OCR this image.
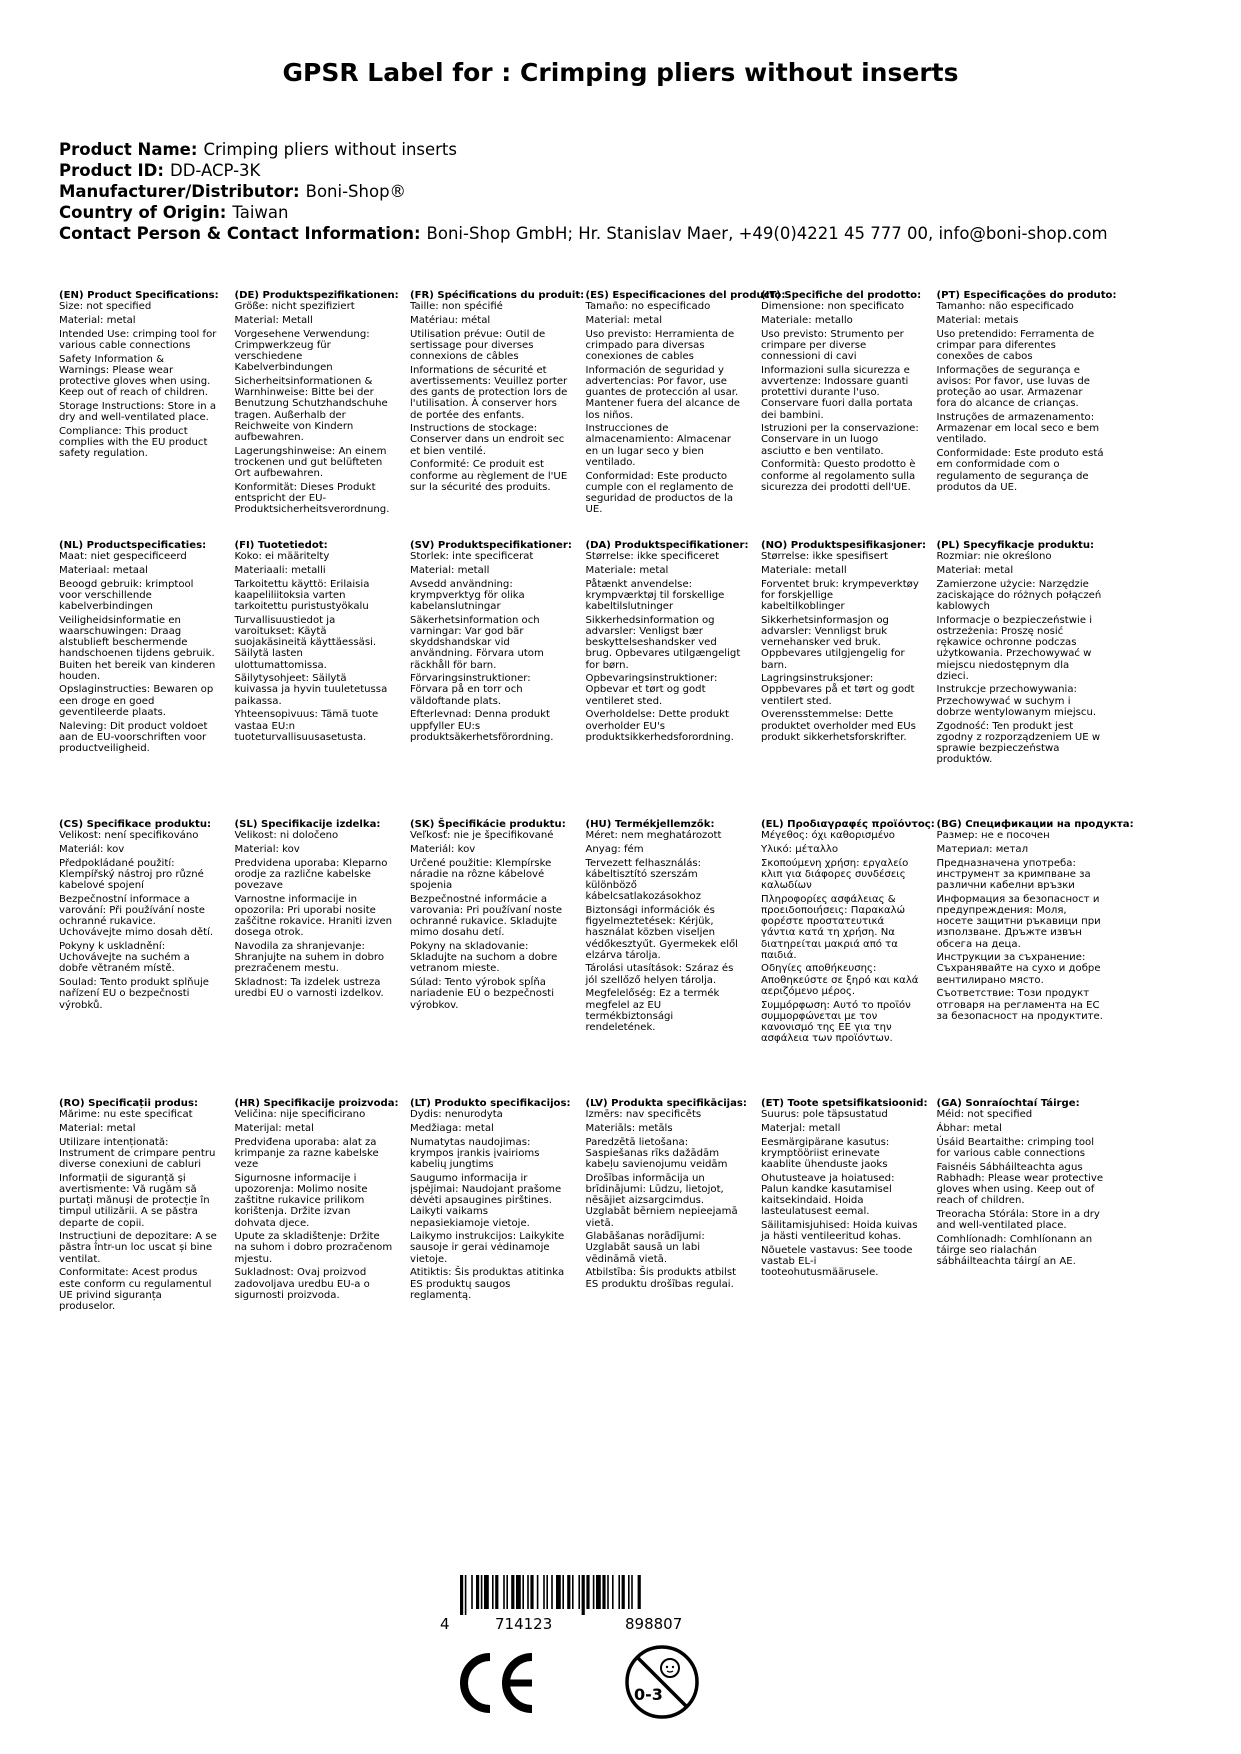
GPSR Label for : Crimping pliers without inserts
Product Name: Crimping pliers without inserts
Product ID: DD-ACP-3K
Manufacturer/Distributor: Boni-Shop®
Country of Origin: Taiwan
Contact Person & Contact Information: Boni-Shop GmbH; Hr. Stanislav Maer, +49(0)4221 45 777 00, info@boni-shop.com
(EN) Product Specifications:
Size: not specified
Material: metal
Intended Use: crimping tool for various cable connections
Safety Information & Warnings: Please wear protective gloves when using. Keep out of reach of children.
Storage Instructions: Store in a dry and well-ventilated place.
Compliance: This product complies with the EU product safety regulation.
(DE) Produktspezifikationen:
Größe: nicht spezifiziert
Material: Metall
Vorgesehene Verwendung: Crimpwerkzeug für verschiedene Kabelverbindungen
Sicherheitsinformationen & Warnhinweise: Bitte bei der Benutzung Schutzhandschuhe tragen. Außerhalb der Reichweite von Kindern aufbewahren.
Lagerungshinweise: An einem trockenen und gut belüfteten Ort aufbewahren.
Konformität: Dieses Produkt entspricht der EU-Produktsicherheitsverordnung.
(FR) Spécifications du produit:
Taille: non spécifié
Matériau: métal
Utilisation prévue: Outil de sertissage pour diverses connexions de câbles
Informations de sécurité et avertissements: Veuillez porter des gants de protection lors de l'utilisation. À conserver hors de portée des enfants.
Instructions de stockage: Conserver dans un endroit sec et bien ventilé.
Conformité: Ce produit est conforme au règlement de l'UE sur la sécurité des produits.
(ES) Especificaciones del producto:
Tamaño: no especificado
Material: metal
Uso previsto: Herramienta de crimpado para diversas conexiones de cables
Información de seguridad y advertencias: Por favor, use guantes de protección al usar. Mantener fuera del alcance de los niños.
Instrucciones de almacenamiento: Almacenar en un lugar seco y bien ventilado.
Conformidad: Este producto cumple con el reglamento de seguridad de productos de la UE.
(IT) Specifiche del prodotto:
Dimensione: non specificato
Materiale: metallo
Uso previsto: Strumento per crimpare per diverse connessioni di cavi
Informazioni sulla sicurezza e avvertenze: Indossare guanti protettivi durante l'uso. Conservare fuori dalla portata dei bambini.
Istruzioni per la conservazione: Conservare in un luogo asciutto e ben ventilato.
Conformità: Questo prodotto è conforme al regolamento sulla sicurezza dei prodotti dell'UE.
(PT) Especificações do produto:
Tamanho: não especificado
Material: metais
Uso pretendido: Ferramenta de crimpar para diferentes conexões de cabos
Informações de segurança e avisos: Por favor, use luvas de proteção ao usar. Armazenar fora do alcance de crianças.
Instruções de armazenamento: Armazenar em local seco e bem ventilado.
Conformidade: Este produto está em conformidade com o regulamento de segurança de produtos da UE.
(NL) Productspecificaties:
Maat: niet gespecificeerd
Materiaal: metaal
Beoogd gebruik: krimptool voor verschillende kabelverbindingen
Veiligheidsinformatie en waarschuwingen: Draag alstublieft beschermende handschoenen tijdens gebruik. Buiten het bereik van kinderen houden.
Opslaginstructies: Bewaren op een droge en goed geventileerde plaats.
Naleving: Dit product voldoet aan de EU-voorschriften voor productveiligheid.
(FI) Tuotetiedot:
Koko: ei määritelty
Materiaali: metalli
Tarkoitettu käyttö: Erilaisia kaapeliliitoksia varten tarkoitettu puristustyökalu
Turvallisuustiedot ja varoitukset: Käytä suojakäsineitä käyttäessäsi. Säilytä lasten ulottumattomissa.
Säilytysohjeet: Säilytä kuivassa ja hyvin tuuletetussa paikassa.
Yhteensopivuus: Tämä tuote vastaa EU:n tuoteturvallisuusasetusta.
(SV) Produktspecifikationer:
Storlek: inte specificerat
Material: metall
Avsedd användning: krympverktyg för olika kabelanslutningar
Säkerhetsinformation och varningar: Var god bär skyddshandskar vid användning. Förvara utom räckhåll för barn.
Förvaringsinstruktioner: Förvara på en torr och väldoftande plats.
Efterlevnad: Denna produkt uppfyller EU:s produktsäkerhetsförordning.
(DA) Produktspecifikationer:
Størrelse: ikke specificeret
Materiale: metal
Påtænkt anvendelse: krympværktøj til forskellige kabeltilslutninger
Sikkerhedsinformation og advarsler: Venligst bær beskyttelseshandsker ved brug. Opbevares utilgængeligt for børn.
Opbevaringsinstruktioner: Opbevar et tørt og godt ventileret sted.
Overholdelse: Dette produkt overholder EU's produktsikkerhedsforordning.
(NO) Produktspesifikasjoner:
Størrelse: ikke spesifisert
Materiale: metall
Forventet bruk: krympeverktøy for forskjellige kabeltilkoblinger
Sikkerhetsinformasjon og advarsler: Vennligst bruk vernehansker ved bruk. Oppbevares utilgjengelig for barn.
Lagringsinstruksjoner: Oppbevares på et tørt og godt ventilert sted.
Overensstemmelse: Dette produktet overholder med EUs produkt sikkerhetsforskrifter.
(PL) Specyfikacje produktu:
Rozmiar: nie określono
Materiał: metal
Zamierzone użycie: Narzędzie zaciskające do różnych połączeń kablowych
Informacje o bezpieczeństwie i ostrzeżenia: Proszę nosić rękawice ochronne podczas użytkowania. Przechowywać w miejscu niedostępnym dla dzieci.
Instrukcje przechowywania: Przechowywać w suchym i dobrze wentylowanym miejscu.
Zgodność: Ten produkt jest zgodny z rozporządzeniem UE w sprawie bezpieczeństwa produktów.
(CS) Specifikace produktu:
Velikost: není specifikováno
Materiál: kov
Předpokládané použití: Klempířský nástroj pro různé kabelové spojení
Bezpečnostní informace a varování: Při používání noste ochranné rukavice. Uchovávejte mimo dosah dětí.
Pokyny k uskladnění: Uchovávejte na suchém a dobře větraném místě.
Soulad: Tento produkt splňuje nařízení EU o bezpečnosti výrobků.
(SL) Specifikacije izdelka:
Velikost: ni določeno
Material: kov
Predvidena uporaba: Kleparno orodje za različne kabelske povezave
Varnostne informacije in opozorila: Pri uporabi nosite zaščitne rokavice. Hraniti izven dosega otrok.
Navodila za shranjevanje: Shranjujte na suhem in dobro prezračenem mestu.
Skladnost: Ta izdelek ustreza uredbi EU o varnosti izdelkov.
(SK) Špecifikácie produktu:
Veľkosť: nie je špecifikované
Materiál: kov
Určené použitie: Klempírske náradie na rôzne kábelové spojenia
Bezpečnostné informácie a varovania: Pri používaní noste ochranné rukavice. Skladujte mimo dosahu detí.
Pokyny na skladovanie: Skladujte na suchom a dobre vetranom mieste.
Súlad: Tento výrobok spĺňa nariadenie EÚ o bezpečnosti výrobkov.
(HU) Termékjellemzők:
Méret: nem meghatározott
Anyag: fém
Tervezett felhasználás: kábeltisztító szerszám különböző kábelcsatlakozásokhoz
Biztonsági információk és figyelmeztetések: Kérjük, használat közben viseljen védőkesztyűt. Gyermekek elől elzárva tárolja.
Tárolási utasítások: Száraz és jól szellőző helyen tárolja.
Megfelelőség: Ez a termék megfelel az EU termékbiztonsági rendeletének.
(EL) Προδιαγραφές προϊόντος:
Μέγεθος: όχι καθορισμένο
Υλικό: μέταλλο
Σκοπούμενη χρήση: εργαλείο κλιπ για διάφορες συνδέσεις καλωδίων
Πληροφορίες ασφάλειας & προειδοποιήσεις: Παρακαλώ φορέστε προστατευτικά γάντια κατά τη χρήση. Να διατηρείται μακριά από τα παιδιά.
Οδηγίες αποθήκευσης: Αποθηκεύστε σε ξηρό και καλά αεριζόμενο μέρος.
Συμμόρφωση: Αυτό το προϊόν συμμορφώνεται με τον κανονισμό της ΕΕ για την ασφάλεια των προϊόντων.
(BG) Спецификации на продукта:
Размер: не е посочен
Материал: метал
Предназначена употреба: инструмент за кримпване за различни кабелни връзки
Информация за безопасност и предупреждения: Моля, носете защитни ръкавици при използване. Дръжте извън обсега на деца.
Инструкции за съхранение: Съхранявайте на сухо и добре вентилирано място.
Съответствие: Този продукт отговаря на регламента на ЕС за безопасност на продуктите.
(RO) Specificații produs:
Mărime: nu este specificat
Material: metal
Utilizare intenționată: Instrument de crimpare pentru diverse conexiuni de cabluri
Informații de siguranță și avertismente: Vă rugăm să purtați mănuși de protecție în timpul utilizării. A se păstra departe de copii.
Instrucțiuni de depozitare: A se păstra într-un loc uscat și bine ventilat.
Conformitate: Acest produs este conform cu regulamentul UE privind siguranța produselor.
(HR) Specifikacije proizvoda:
Veličina: nije specificirano
Materijal: metal
Predviđena uporaba: alat za krimpanje za razne kabelske veze
Sigurnosne informacije i upozorenja: Molimo nosite zaštitne rukavice prilikom korištenja. Držite izvan dohvata djece.
Upute za skladištenje: Držite na suhom i dobro prozračenom mjestu.
Sukladnost: Ovaj proizvod zadovoljava uredbu EU-a o sigurnosti proizvoda.
(LT) Produkto specifikacijos:
Dydis: nenurodyta
Medžiaga: metal
Numatytas naudojimas: krympos įrankis įvairioms kabelių jungtims
Saugumo informacija ir įspėjimai: Naudojant prašome dėvėti apsaugines pirštines. Laikyti vaikams nepasiekiamoje vietoje.
Laikymo instrukcijos: Laikykite sausoje ir gerai vėdinamoje vietoje.
Atitiktis: Šis produktas atitinka ES produktų saugos reglamentą.
(LV) Produkta specifikācijas:
Izmērs: nav specificēts
Materiāls: metāls
Paredzētā lietošana: Saspiešanas rīks dažādām kabeļu savienojumu veidām
Drošības informācija un brīdinājumi: Lūdzu, lietojot, nēsājiet aizsargcimdus. Uzglabāt bērniem nepieejamā vietā.
Glabāšanas norādījumi: Uzglabāt sausā un labi vēdināmā vietā.
Atbilstība: Šis produkts atbilst ES produktu drošības regulai.
(ET) Toote spetsifikatsioonid:
Suurus: pole täpsustatud
Materjal: metall
Eesmärgipärane kasutus: krymptööriist erinevate kaablite ühenduste jaoks
Ohutusteave ja hoiatused: Palun kandke kasutamisel kaitsekindaid. Hoida lasteulatusest eemal.
Säilitamisjuhised: Hoida kuivas ja hästi ventileeritud kohas.
Nõuetele vastavus: See toode vastab EL-i tooteohutusmäärusele.
(GA) Sonraíochtaí Táirge:
Méid: not specified
Ábhar: metal
Úsáid Beartaithe: crimping tool for various cable connections
Faisnéis Sábháilteachta agus Rabhadh: Please wear protective gloves when using. Keep out of reach of children.
Treoracha Stórála: Store in a dry and well-ventilated place.
Comhlíonadh: Comhlíonann an táirge seo rialachán sábháilteachta táirgí an AE.
4	714123	898807
0-3
